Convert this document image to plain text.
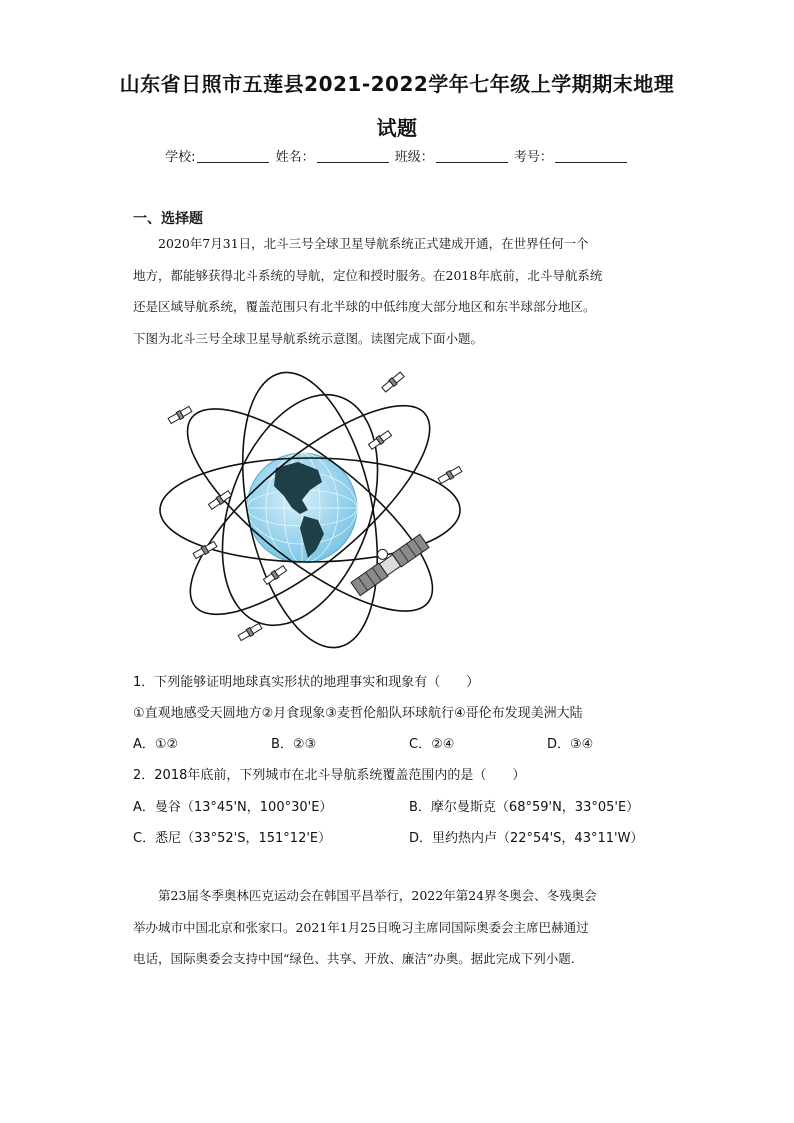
山东省日照市五莲县2021-2022学年七年级上学期期末地理
试题
学校:	姓名：	班级：	考号：
一、选择题

2020年7月31日，北斗三号全球卫星导航系统正式建成开通，在世界任何一个

地方，都能够获得北斗系统的导航，定位和授时服务。在2018年底前，北斗导航系统

还是区域导航系统，覆盖范围只有北半球的中低纬度大部分地区和东半球部分地区。

下图为北斗三号全球卫星导航系统示意图。读图完成下面小题。

1．下列能够证明地球真实形状的地理事实和现象有（　　）
①直观地感受天圆地方②月食现象③麦哲伦船队环球航行④哥伦布发现美洲大陆
A．①②	B．②③	C．②④	D．③④
2．2018年底前，下列城市在北斗导航系统覆盖范围内的是（　　）
A．曼谷（13°45'N，100°30'E）	B．摩尔曼斯克（68°59'N，33°05'E）
C．悉尼（33°52'S，151°12'E）	D．里约热内卢（22°54'S，43°11'W）

第23届冬季奥林匹克运动会在韩国平昌举行，2022年第24界冬奥会、冬残奥会

举办城市中国北京和张家口。2021年1月25日晚习主席同国际奥委会主席巴赫通过

电话，国际奥委会支持中国“绿色、共享、开放、廉洁”办奥。据此完成下列小题.
